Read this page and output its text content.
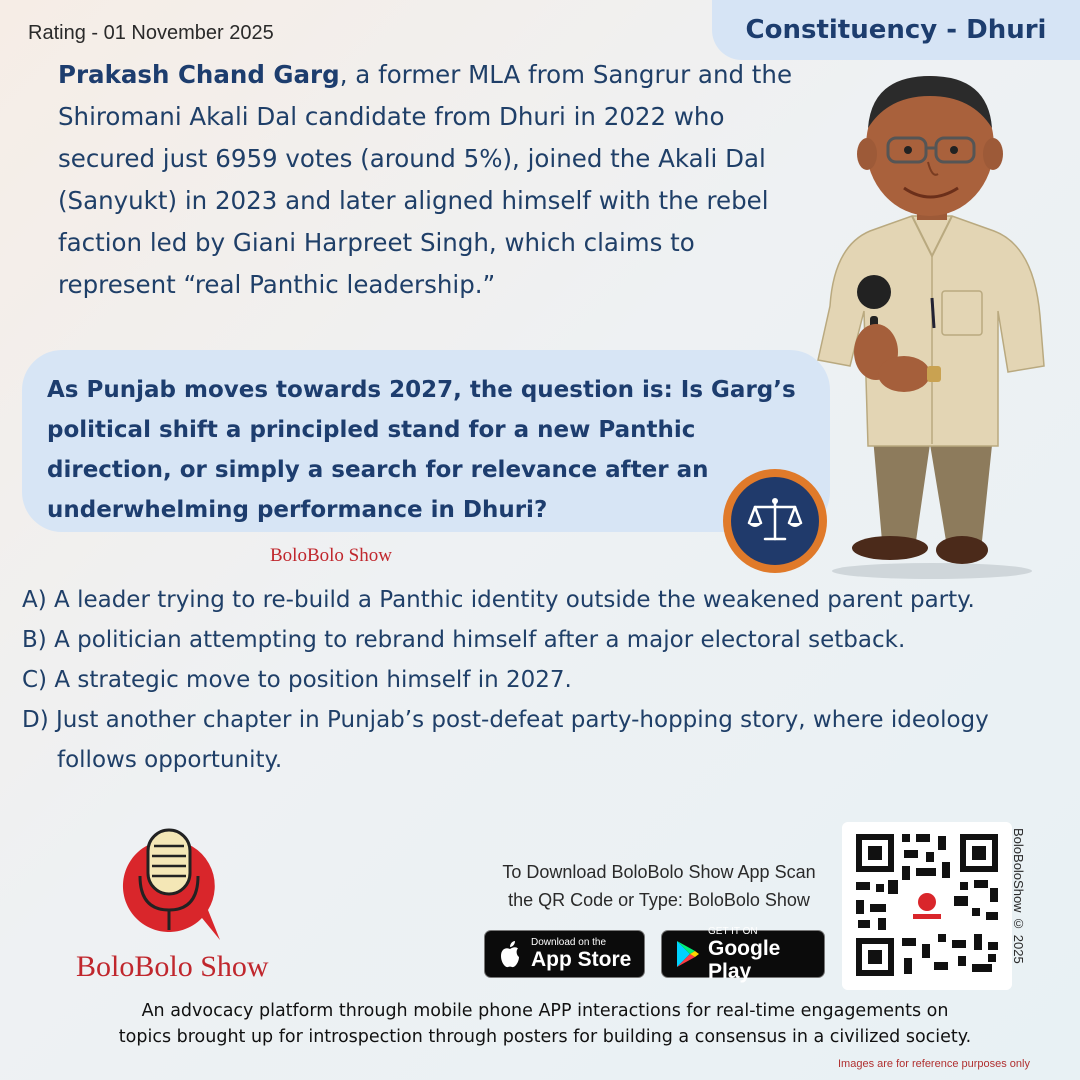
Rating - 01 November 2025	Constituency - Dhuri
Prakash Chand Garg, a former MLA from Sangrur and the Shiromani Akali Dal candidate from Dhuri in 2022 who secured just 6959 votes (around 5%), joined the Akali Dal (Sanyukt) in 2023 and later aligned himself with the rebel faction led by Giani Harpreet Singh, which claims to represent “real Panthic leadership.”
As Punjab moves towards 2027, the question is: Is Garg’s political shift a principled stand for a new Panthic direction, or simply a search for relevance after an underwhelming performance in Dhuri?
BoloBolo Show
A) A leader trying to re-build a Panthic identity outside the weakened parent party.
B) A politician attempting to rebrand himself after a major electoral setback.
C) A strategic move to position himself in 2027.
D) Just another chapter in Punjab’s post-defeat party-hopping story, where ideology follows opportunity.
BoloBolo Show
To Download BoloBolo Show App Scan
the QR Code or Type: BoloBolo Show
Download on the
App Store
GET IT ON
Google Play
BoloBoloShow © 2025
An advocacy platform through mobile phone APP interactions for real-time engagements on
topics brought up for introspection through posters for building a consensus in a civilized society.
Images are for reference purposes only
